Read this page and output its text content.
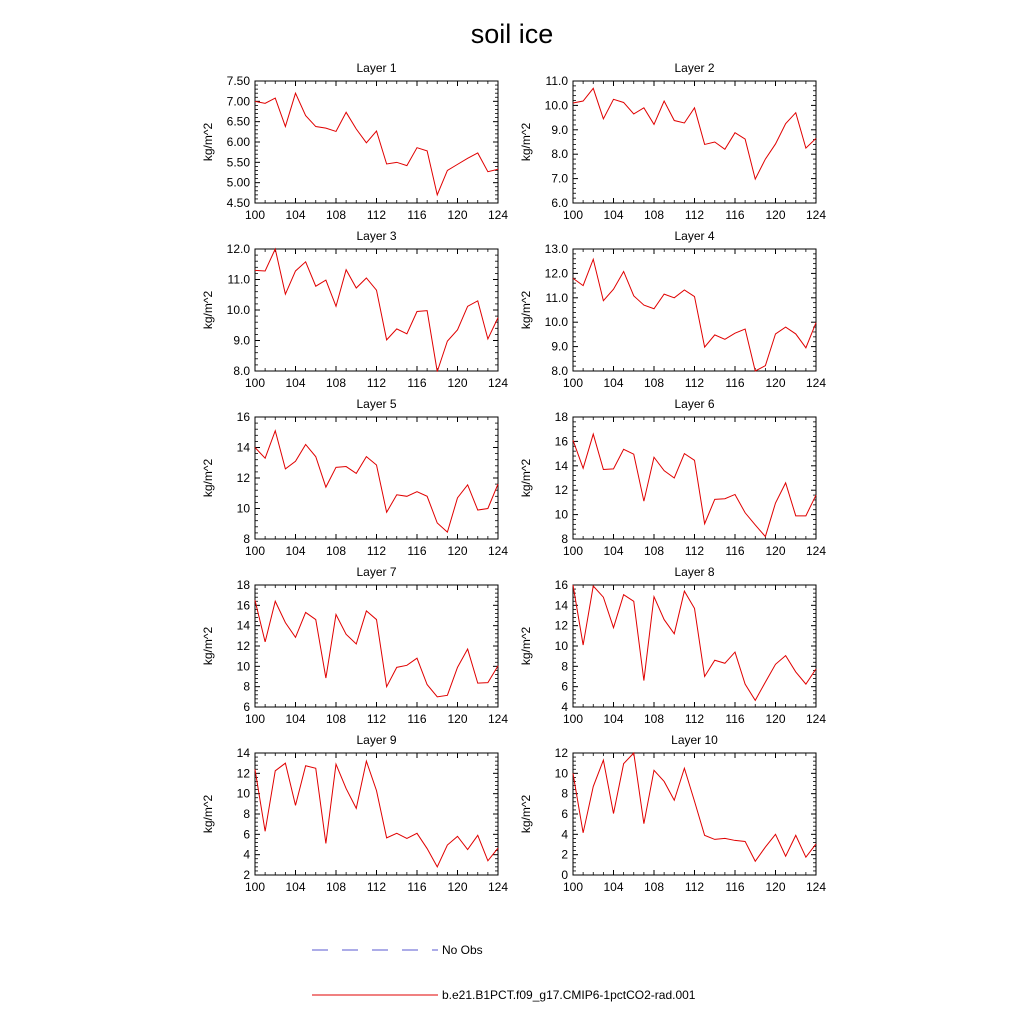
soil ice
Layer 1
4.50
5.00
5.50
6.00
6.50
7.00
7.50
100 104 108 112 116 120 124
kg/m^2
Layer 2
6.0
7.0
8.0
9.0
10.0
11.0
100 104 108 112 116 120 124
kg/m^2
Layer 3
8.0
9.0
10.0
11.0
12.0
100 104 108 112 116 120 124
kg/m^2
Layer 4
8.0
9.0
10.0
11.0
12.0
13.0
100 104 108 112 116 120 124
kg/m^2
Layer 5
8
10
12
14
16
100 104 108 112 116 120 124
kg/m^2
Layer 6
8
10
12
14
16
18
100 104 108 112 116 120 124
kg/m^2
Layer 7
6
8
10
12
14
16
18
100 104 108 112 116 120 124
kg/m^2
Layer 8
4
6
8
10
12
14
16
100 104 108 112 116 120 124
kg/m^2
Layer 9
2
4
6
8
10
12
14
100 104 108 112 116 120 124
kg/m^2
Layer 10
0
2
4
6
8
10
12
100 104 108 112 116 120 124
kg/m^2
No Obs
b.e21.B1PCT.f09_g17.CMIP6-1pctCO2-rad.001
